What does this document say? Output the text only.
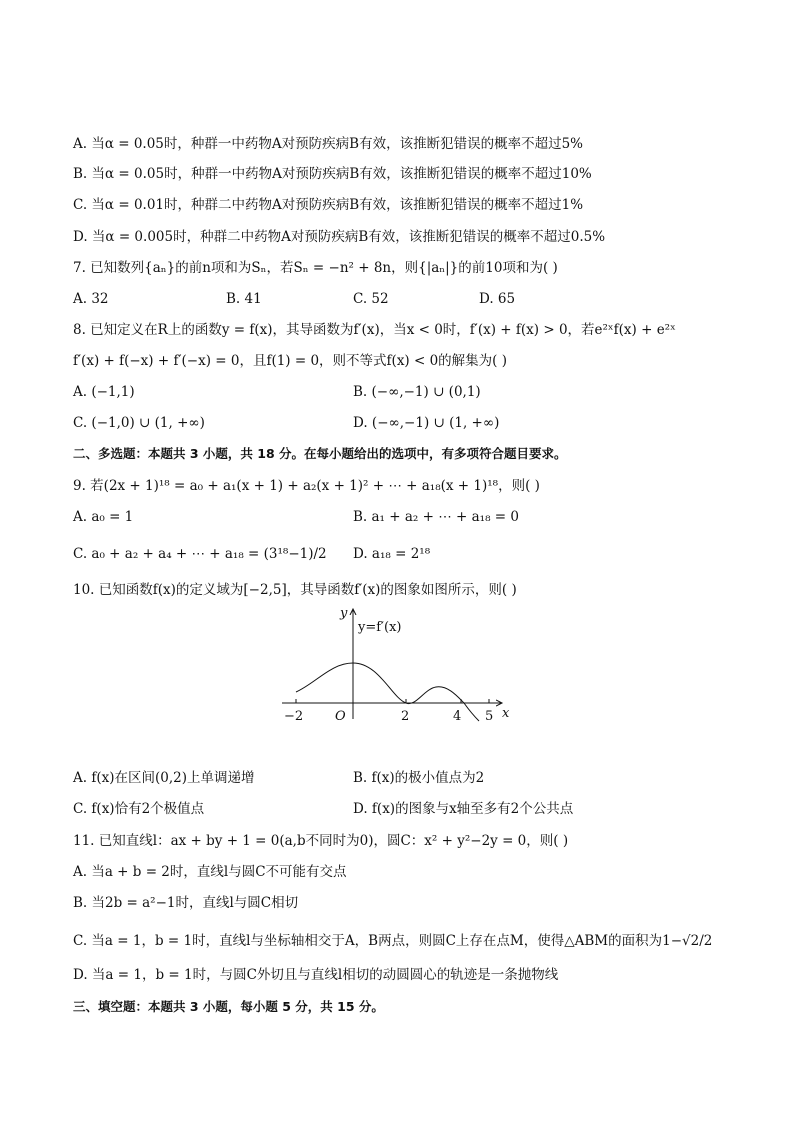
A. 当α = 0.05时，种群一中药物A对预防疾病B有效，该推断犯错误的概率不超过5%
B. 当α = 0.05时，种群一中药物A对预防疾病B有效，该推断犯错误的概率不超过10%
C. 当α = 0.01时，种群二中药物A对预防疾病B有效，该推断犯错误的概率不超过1%
D. 当α = 0.005时，种群二中药物A对预防疾病B有效，该推断犯错误的概率不超过0.5%
7. 已知数列{aₙ}的前n项和为Sₙ，若Sₙ = −n² + 8n，则{|aₙ|}的前10项和为( )
A. 32	B. 41	C. 52	D. 65
8. 已知定义在R上的函数y = f(x)，其导函数为f′(x)，当x < 0时，f′(x) + f(x) > 0，若e²ˣf(x) + e²ˣ
f′(x) + f(−x) + f′(−x) = 0，且f(1) = 0，则不等式f(x) < 0的解集为( )
A. (−1,1)	B. (−∞,−1) ∪ (0,1)
C. (−1,0) ∪ (1, +∞)	D. (−∞,−1) ∪ (1, +∞)
二、多选题：本题共 3 小题，共 18 分。在每小题给出的选项中，有多项符合题目要求。
9. 若(2x + 1)¹⁸ = a₀ + a₁(x + 1) + a₂(x + 1)² + ⋯ + a₁₈(x + 1)¹⁸，则( )
A. a₀ = 1	B. a₁ + a₂ + ⋯ + a₁₈ = 0
C. a₀ + a₂ + a₄ + ⋯ + a₁₈ = (3¹⁸−1)/2 D. a₁₈ = 2¹⁸
10. 已知函数f(x)的定义域为[−2,5]，其导函数f′(x)的图象如图所示，则( )
y=f′(x)
y
x
O
−2	2	4 5
A. f(x)在区间(0,2)上单调递增	B. f(x)的极小值点为2
C. f(x)恰有2个极值点	D. f(x)的图象与x轴至多有2个公共点
11. 已知直线l：ax + by + 1 = 0(a,b不同时为0)，圆C：x² + y²−2y = 0，则( )
A. 当a + b = 2时，直线l与圆C不可能有交点
B. 当2b = a²−1时，直线l与圆C相切
C. 当a = 1，b = 1时，直线l与坐标轴相交于A，B两点，则圆C上存在点M，使得△ABM的面积为1−√2/2
D. 当a = 1，b = 1时，与圆C外切且与直线l相切的动圆圆心的轨迹是一条抛物线
三、填空题：本题共 3 小题，每小题 5 分，共 15 分。
